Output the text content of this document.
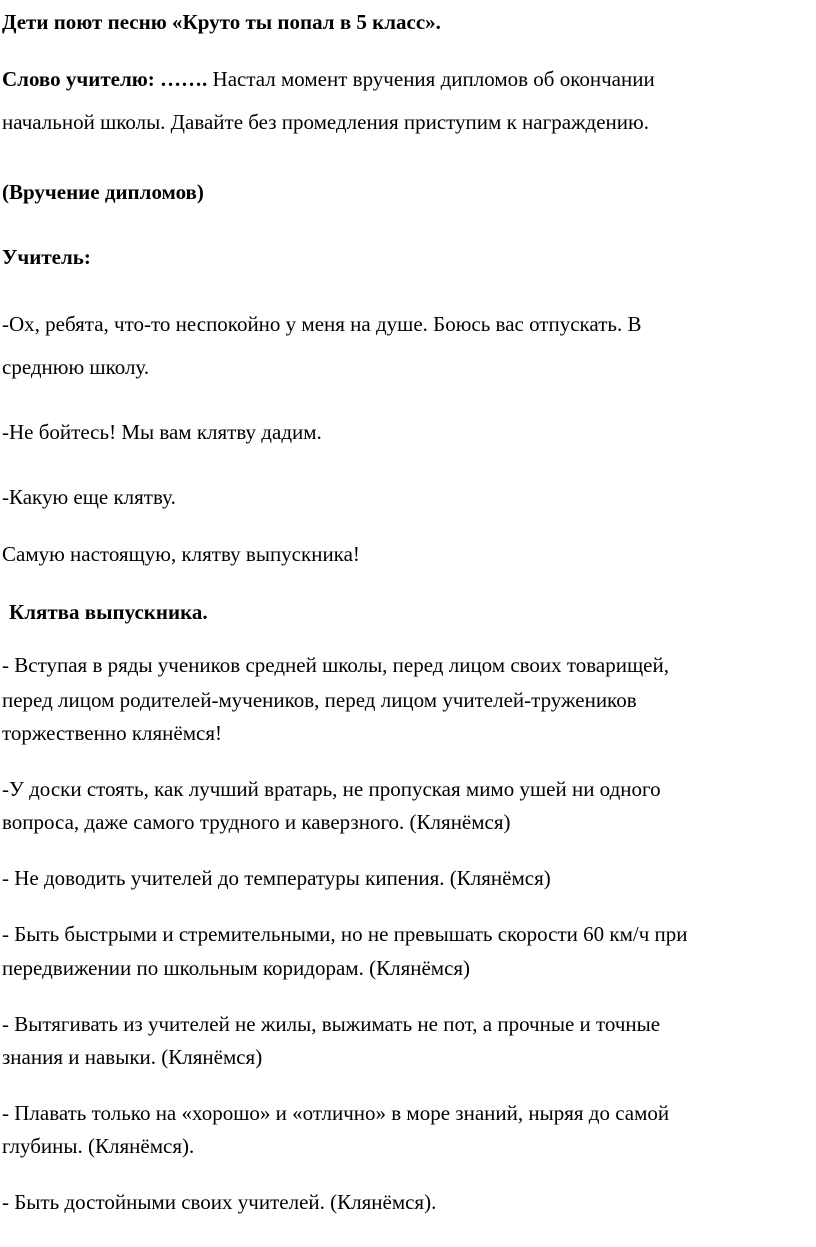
Дети поют песню «Круто ты попал в 5 класс».

Слово учителю: ……. Настал момент вручения дипломов об окончании

начальной школы. Давайте без промедления приступим к награждению.

(Вручение дипломов)

Учитель:

-Ох, ребята, что-то неспокойно у меня на душе. Боюсь вас отпускать. В

среднюю школу.

-Не бойтесь! Мы вам клятву дадим.

-Какую еще клятву.

Самую настоящую, клятву выпускника!

Клятва выпускника.

- Вступая в ряды учеников средней школы, перед лицом своих товарищей,

перед лицом родителей-мучеников, перед лицом учителей-тружеников

торжественно клянёмся!

-У доски стоять, как лучший вратарь, не пропуская мимо ушей ни одного

вопроса, даже самого трудного и каверзного. (Клянёмся)

- Не доводить учителей до температуры кипения. (Клянёмся)

- Быть быстрыми и стремительными, но не превышать скорости 60 км/ч при

передвижении по школьным коридорам. (Клянёмся)

- Вытягивать из учителей не жилы, выжимать не пот, а прочные и точные

знания и навыки. (Клянёмся)

- Плавать только на «хорошо» и «отлично» в море знаний, ныряя до самой

глубины. (Клянёмся).

- Быть достойными своих учителей. (Клянёмся).
